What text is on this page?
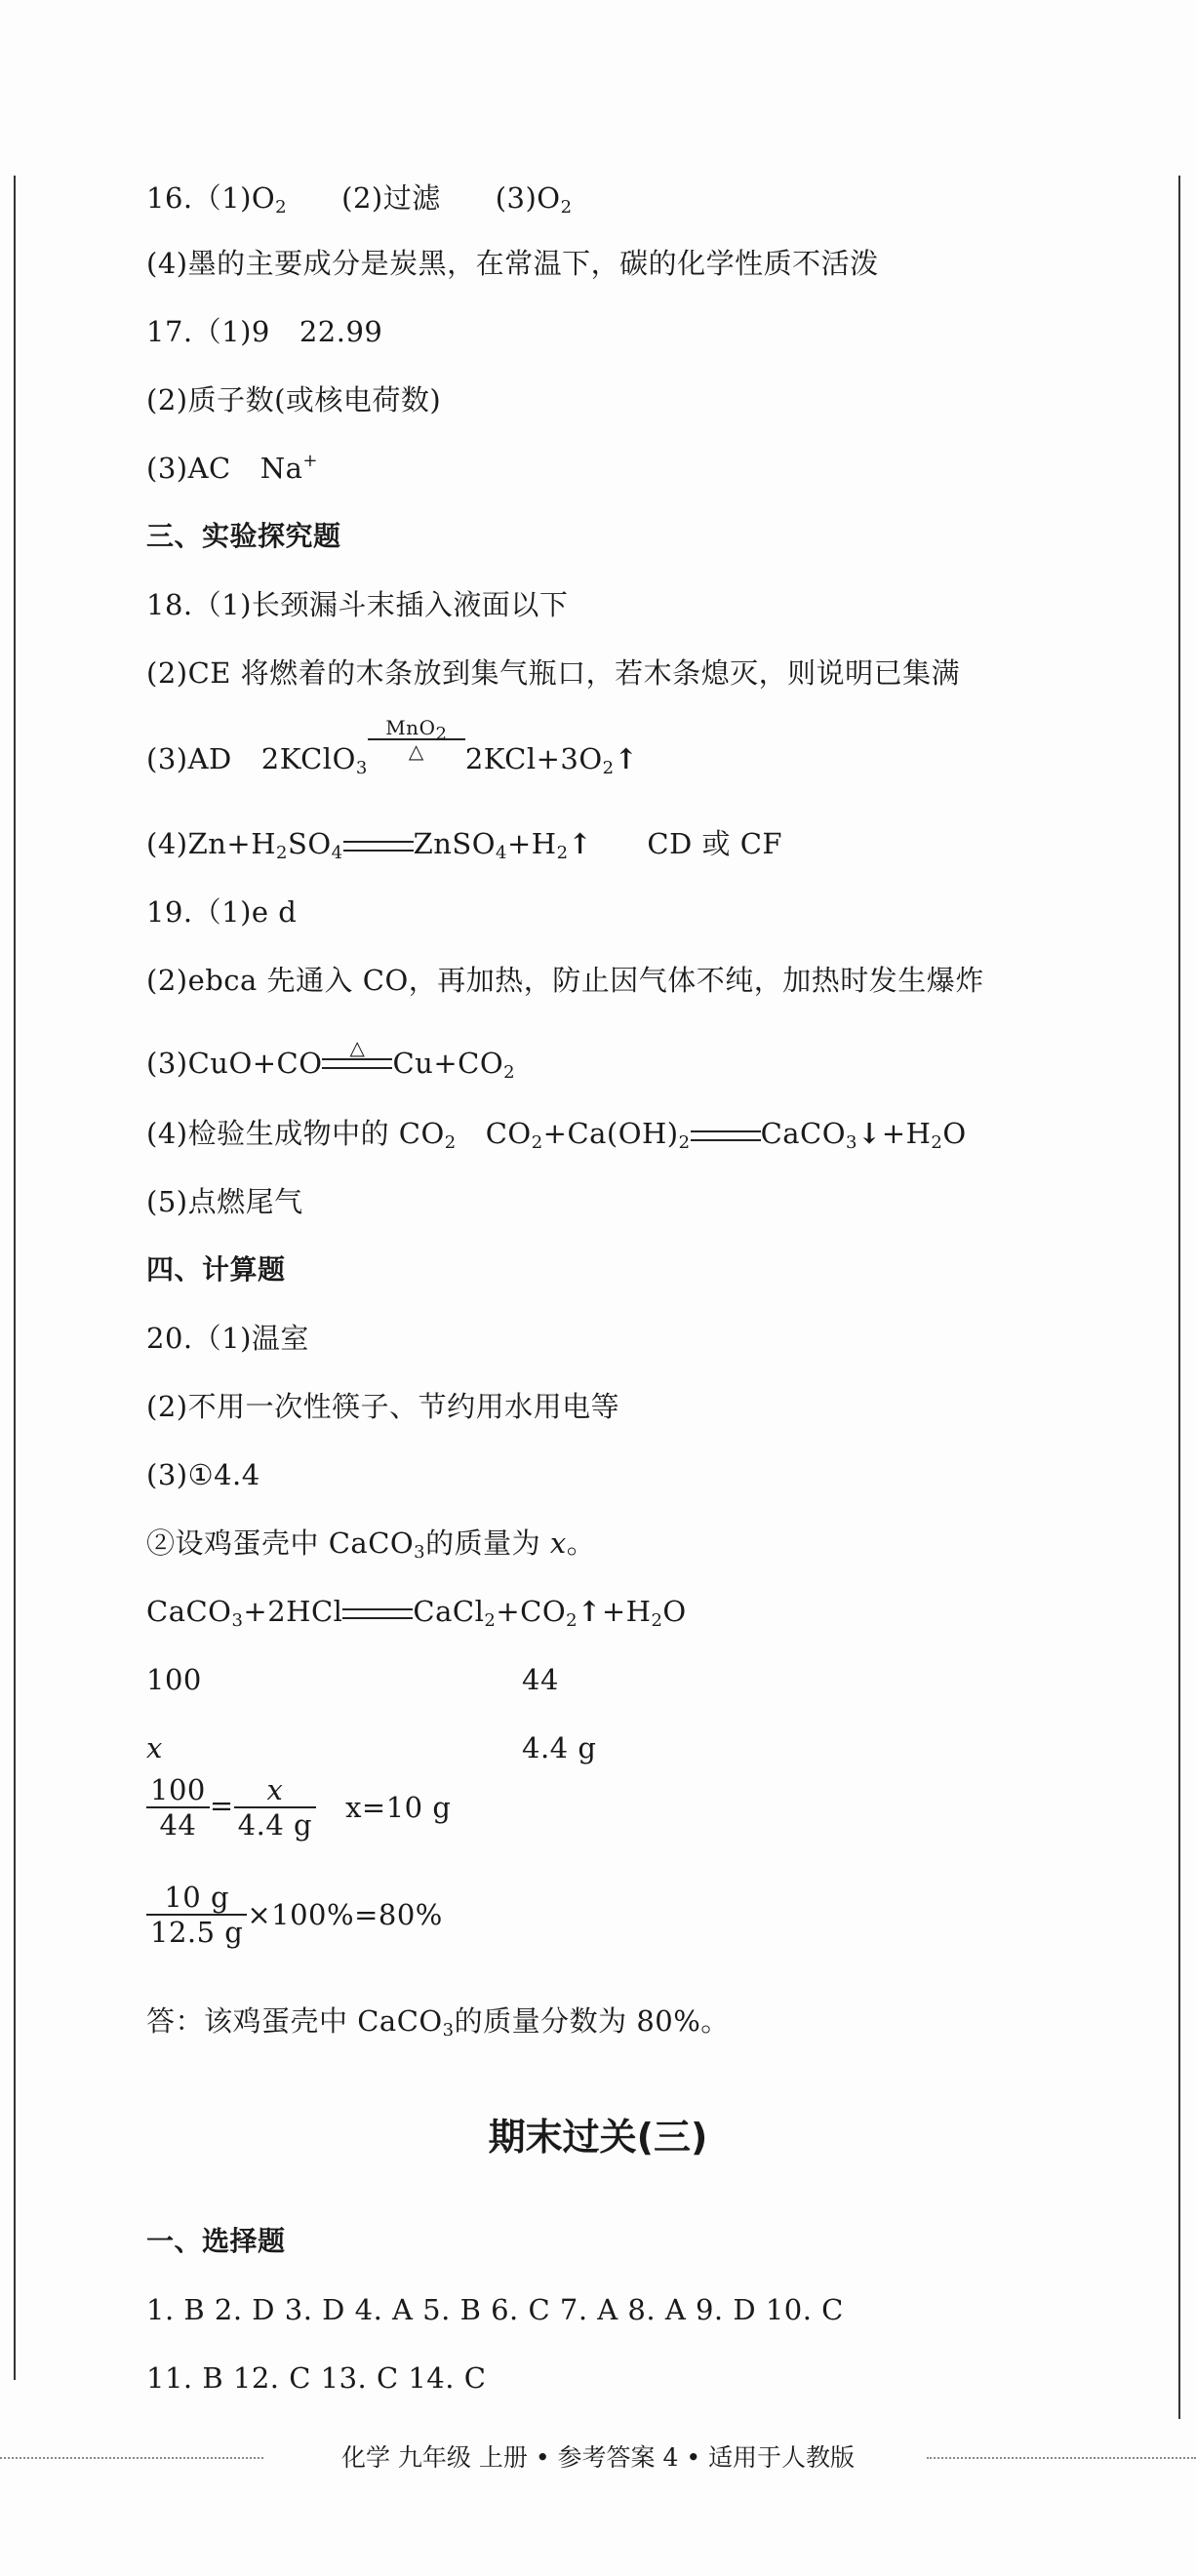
$16.(1)O_2$ (2)过滤 $(3)O_2$
(4)墨的主要成分是炭黑，在常温下，碳的化学性质不活泼
17.（1)9 22.99
(2)质子数(或核电荷数)
(3)AC Na+
三、实验探究题
18.（1)长颈漏斗末插入液面以下
(2)CE 将燃着的木条放到集气瓶口，若木条熄灭，则说明已集满
(3)AD 2KClO$_3$
MnO$_2$
△	$2KCl+3O_2$ ↑
$(4)Zn+H_2SO_4$ $ZnSO_4+H_2$ ↑	CD 或 CF
19.（1)e d
(2)ebca 先通入 CO，再加热，防止因气体不纯，加热时发生爆炸
(3)CuO+CO	△ $Cu+CO_2$
(4)检验生成物中的 $CO_2$ $CO_2+Ca(OH)_2$ $CaCO_3↓+H_2O$
(5)点燃尾气
四、计算题
20.（1)温室
(2)不用一次性筷子、节约用水用电等
(3)①4.4
②设鸡蛋壳中 CaCO$_3$的质量为 x。
CaCO$_3$+2HCl $CaCl_2+CO_2$ ↑ $+H_2O$
100	44
x	4.4 g
$\frac{100}{44} = \frac{x}{4.4 g} x=10$ g
$\frac{10 g}{12.5 g} \times 100\%=80\%$
答：该鸡蛋壳中 CaCO$_3$的质量分数为 80%。
期末过关(三)
一、选择题
1. B 2. D 3. D 4. A 5. B 6. C 7. A 8. A 9. D 10. C
11. B 12. C 13. C 14. C
化学 九年级 上册 • 参考答案 4 • 适用于人教版
